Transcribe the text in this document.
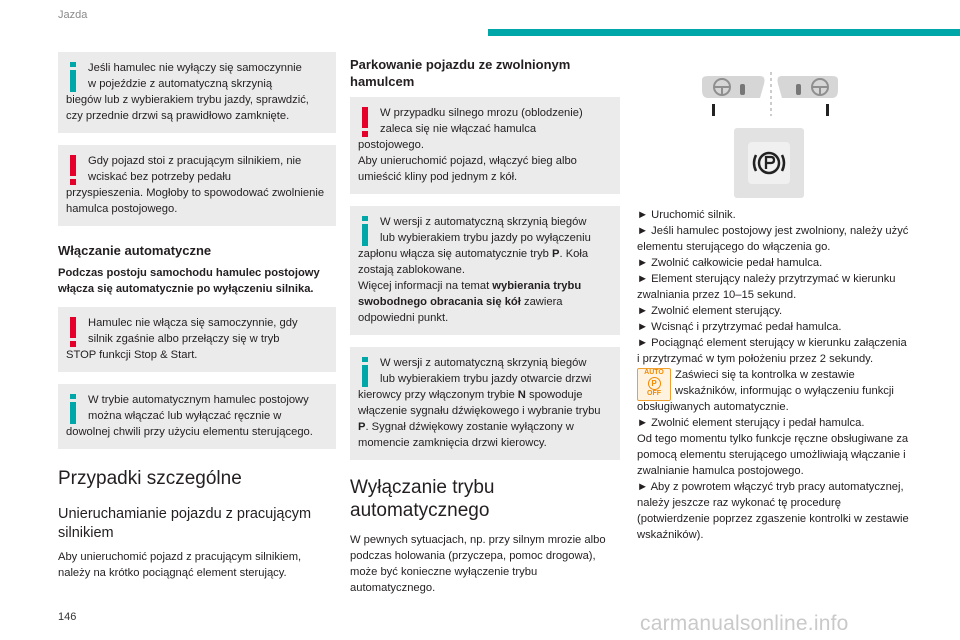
Jazda
Jeśli hamulec nie wyłączy się samoczynnie
w pojeździe z automatyczną skrzynią
biegów lub z wybierakiem trybu jazdy, sprawdzić, czy przednie drzwi są prawidłowo zamknięte.
Gdy pojazd stoi z pracującym silnikiem, nie
wciskać bez potrzeby pedału
przyspieszenia. Mogłoby to spowodować zwolnienie hamulca postojowego.
Włączanie automatyczne

Podczas postoju samochodu hamulec postojowy włącza się automatycznie po wyłączeniu silnika.

Hamulec nie włącza się samoczynnie, gdy
silnik zgaśnie albo przełączy się w tryb
STOP funkcji Stop & Start.
W trybie automatycznym hamulec postojowy
można włączać lub wyłączać ręcznie w
dowolnej chwili przy użyciu elementu sterującego.
Przypadki szczególne
Unieruchamianie pojazdu z pracującym silnikiem

Aby unieruchomić pojazd z pracującym silnikiem, należy na krótko pociągnąć element sterujący.

Parkowanie pojazdu ze zwolnionym hamulcem
W przypadku silnego mrozu (oblodzenie)
zaleca się nie włączać hamulca
postojowego.
Aby unieruchomić pojazd, włączyć bieg albo umieścić kliny pod jednym z kół.
W wersji z automatyczną skrzynią biegów
lub wybierakiem trybu jazdy po wyłączeniu
zapłonu włącza się automatycznie tryb P. Koła zostają zablokowane.
Więcej informacji na temat wybierania trybu swobodnego obracania się kół zawiera odpowiedni punkt.
W wersji z automatyczną skrzynią biegów
lub wybierakiem trybu jazdy otwarcie drzwi
kierowcy przy włączonym trybie N spowoduje włączenie sygnału dźwiękowego i wybranie trybu P. Sygnał dźwiękowy zostanie wyłączony w momencie zamknięcia drzwi kierowcy.
Wyłączanie trybu automatycznego

W pewnych sytuacjach, np. przy silnym mrozie albo podczas holowania (przyczepa, pomoc drogowa), może być konieczne wyłączenie trybu automatycznego.

► Uruchomić silnik.
► Jeśli hamulec postojowy jest zwolniony, należy użyć elementu sterującego do włączenia go.
► Zwolnić całkowicie pedał hamulca.
► Element sterujący należy przytrzymać w kierunku zwalniania przez 10–15 sekund.
► Zwolnić element sterujący.
► Wcisnąć i przytrzymać pedał hamulca.
► Pociągnąć element sterujący w kierunku załączenia i przytrzymać w tym położeniu przez 2 sekundy.
AUTO
P
OFF
Zaświeci się ta kontrolka w zestawie
wskaźników, informując o wyłączeniu funkcji
obsługiwanych automatycznie.
► Zwolnić element sterujący i pedał hamulca.
Od tego momentu tylko funkcje ręczne obsługiwane za pomocą elementu sterującego umożliwiają włączanie i zwalnianie hamulca postojowego.
► Aby z powrotem włączyć tryb pracy automatycznej, należy jeszcze raz wykonać tę procedurę (potwierdzenie poprzez zgaszenie kontrolki w zestawie wskaźników).
146	carmanualsonline.info
